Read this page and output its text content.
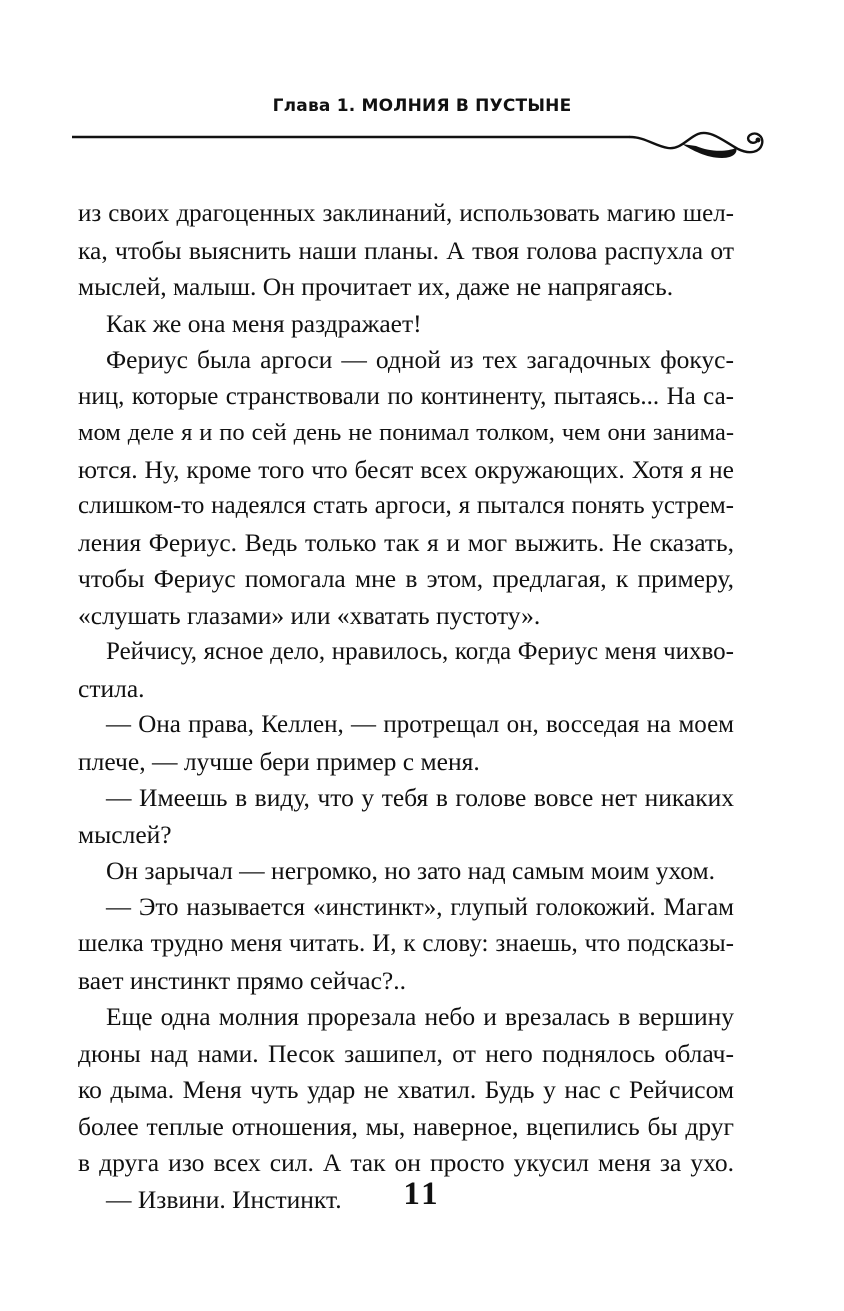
Глава 1. МОЛНИЯ В ПУСТЫНЕ
из своих драгоценных заклинаний, использовать магию шел-
ка, чтобы выяснить наши планы. А твоя голова распухла от
мыслей, малыш. Он прочитает их, даже не напрягаясь.
Как же она меня раздражает!
Фериус была аргоси — одной из тех загадочных фокус-
ниц, которые странствовали по континенту, пытаясь... На са-
мом деле я и по сей день не понимал толком, чем они занима-
ются. Ну, кроме того что бесят всех окружающих. Хотя я не
слишком-то надеялся стать аргоси, я пытался понять устрем-
ления Фериус. Ведь только так я и мог выжить. Не сказать,
чтобы Фериус помогала мне в этом, предлагая, к примеру,
«слушать глазами» или «хватать пустоту».
Рейчису, ясное дело, нравилось, когда Фериус меня чихво-
стила.
— Она права, Келлен, — протрещал он, восседая на моем
плече, — лучше бери пример с меня.
— Имеешь в виду, что у тебя в голове вовсе нет никаких
мыслей?
Он зарычал — негромко, но зато над самым моим ухом.
— Это называется «инстинкт», глупый голокожий. Магам
шелка трудно меня читать. И, к слову: знаешь, что подсказы-
вает инстинкт прямо сейчас?..
Еще одна молния прорезала небо и врезалась в вершину
дюны над нами. Песок зашипел, от него поднялось облач-
ко дыма. Меня чуть удар не хватил. Будь у нас с Рейчисом
более теплые отношения, мы, наверное, вцепились бы друг
в друга изо всех сил. А так он просто укусил меня за ухо.
— Извини. Инстинкт.	11
